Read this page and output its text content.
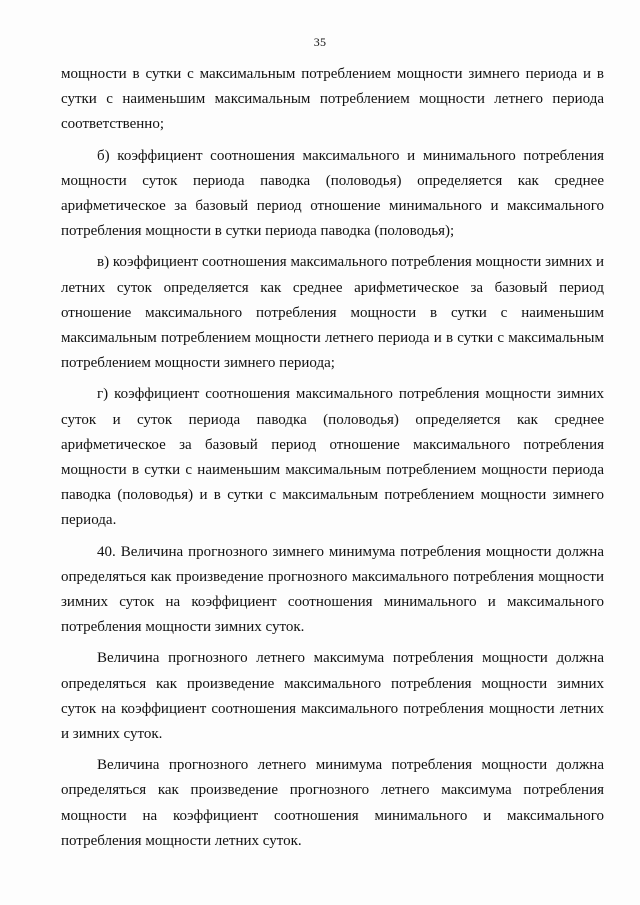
35

мощности в сутки с максимальным потреблением мощности зимнего периода и в сутки с наименьшим максимальным потреблением мощности летнего периода соответственно;

б) коэффициент соотношения максимального и минимального потребления мощности суток периода паводка (половодья) определяется как среднее арифметическое за базовый период отношение минимального и максимального потребления мощности в сутки периода паводка (половодья);

в) коэффициент соотношения максимального потребления мощности зимних и летних суток определяется как среднее арифметическое за базовый период отношение максимального потребления мощности в сутки с наименьшим максимальным потреблением мощности летнего периода и в сутки с максимальным потреблением мощности зимнего периода;

г) коэффициент соотношения максимального потребления мощности зимних суток и суток периода паводка (половодья) определяется как среднее арифметическое за базовый период отношение максимального потребления мощности в сутки с наименьшим максимальным потреблением мощности периода паводка (половодья) и в сутки с максимальным потреблением мощности зимнего периода.

40. Величина прогнозного зимнего минимума потребления мощности должна определяться как произведение прогнозного максимального потребления мощности зимних суток на коэффициент соотношения минимального и максимального потребления мощности зимних суток.

Величина прогнозного летнего максимума потребления мощности должна определяться как произведение максимального потребления мощности зимних суток на коэффициент соотношения максимального потребления мощности летних и зимних суток.

Величина прогнозного летнего минимума потребления мощности должна определяться как произведение прогнозного летнего максимума потребления мощности на коэффициент соотношения минимального и максимального потребления мощности летних суток.
